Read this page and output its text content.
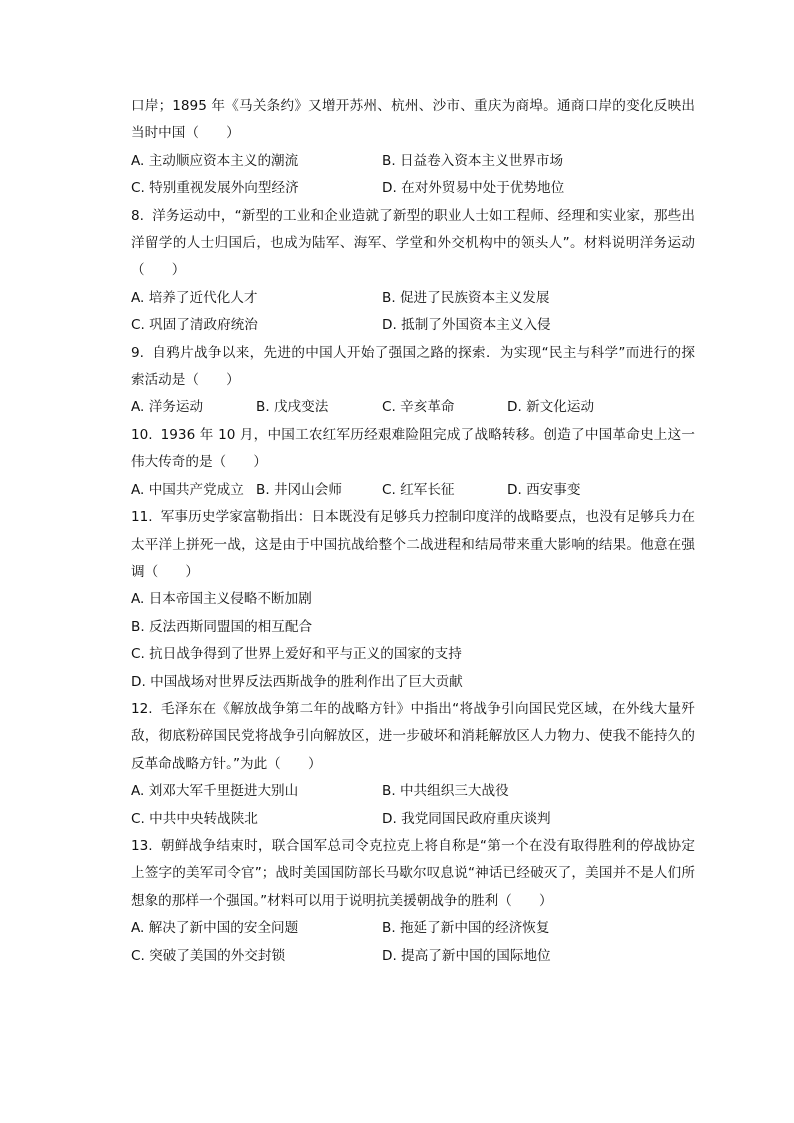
口岸；1895 年《马关条约》又增开苏州、杭州、沙市、重庆为商埠。通商口岸的变化反映出当时中国（　　）

A. 主动顺应资本主义的潮流	B. 日益卷入资本主义世界市场
C. 特别重视发展外向型经济	D. 在对外贸易中处于优势地位

8. 洋务运动中，“新型的工业和企业造就了新型的职业人士如工程师、经理和实业家，那些出洋留学的人士归国后，也成为陆军、海军、学堂和外交机构中的领头人”。材料说明洋务运动（　　）

A. 培养了近代化人才	B. 促进了民族资本主义发展
C. 巩固了清政府统治	D. 抵制了外国资本主义入侵

9. 自鸦片战争以来，先进的中国人开始了强国之路的探索．为实现“民主与科学”而进行的探索活动是（　　）

A. 洋务运动	B. 戊戌变法	C. 辛亥革命	D. 新文化运动

10. 1936 年 10 月，中国工农红军历经艰难险阻完成了战略转移。创造了中国革命史上这一伟大传奇的是（　　）

A. 中国共产党成立 B. 井冈山会师	C. 红军长征	D. 西安事变

11. 军事历史学家富勒指出：日本既没有足够兵力控制印度洋的战略要点，也没有足够兵力在太平洋上拼死一战，这是由于中国抗战给整个二战进程和结局带来重大影响的结果。他意在强调（　　）

A. 日本帝国主义侵略不断加剧
B. 反法西斯同盟国的相互配合
C. 抗日战争得到了世界上爱好和平与正义的国家的支持
D. 中国战场对世界反法西斯战争的胜利作出了巨大贡献

12. 毛泽东在《解放战争第二年的战略方针》中指出“将战争引向国民党区域，在外线大量歼敌，彻底粉碎国民党将战争引向解放区，进一步破坏和消耗解放区人力物力、使我不能持久的反革命战略方针。”为此（　　）

A. 刘邓大军千里挺进大别山	B. 中共组织三大战役
C. 中共中央转战陕北	D. 我党同国民政府重庆谈判

13. 朝鲜战争结束时，联合国军总司令克拉克上将自称是“第一个在没有取得胜利的停战协定上签字的美军司令官”；战时美国国防部长马歇尔叹息说“神话已经破灭了，美国并不是人们所想象的那样一个强国。”材料可以用于说明抗美援朝战争的胜利（　　）

A. 解决了新中国的安全问题	B. 拖延了新中国的经济恢复
C. 突破了美国的外交封锁	D. 提高了新中国的国际地位
